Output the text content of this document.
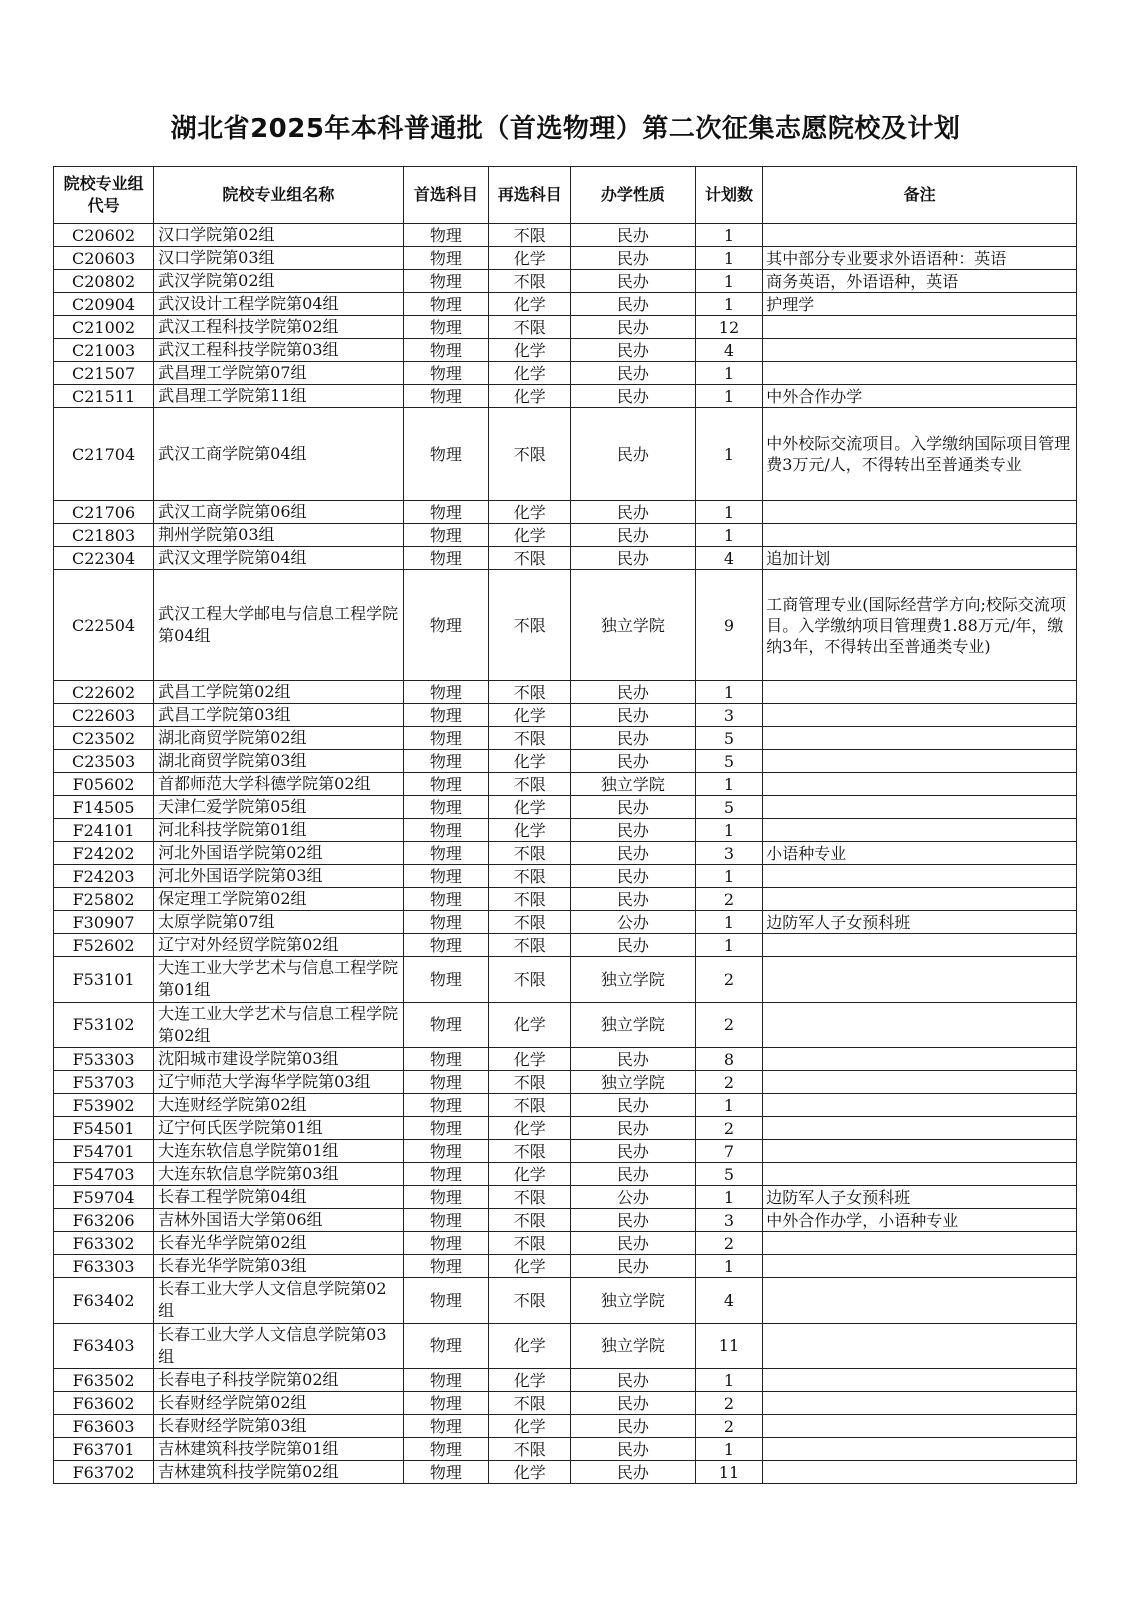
湖北省2025年本科普通批（首选物理）第二次征集志愿院校及计划
院校专业组代号	院校专业组名称	首选科目	再选科目	办学性质	计划数	备注
C20602	汉口学院第02组	物理	不限	民办	1	
C20603	汉口学院第03组	物理	化学	民办	1	其中部分专业要求外语语种：英语
C20802	武汉学院第02组	物理	不限	民办	1	商务英语，外语语种，英语
C20904	武汉设计工程学院第04组	物理	化学	民办	1	护理学
C21002	武汉工程科技学院第02组	物理	不限	民办	12	
C21003	武汉工程科技学院第03组	物理	化学	民办	4	
C21507	武昌理工学院第07组	物理	化学	民办	1	
C21511	武昌理工学院第11组	物理	化学	民办	1	中外合作办学
C21704	武汉工商学院第04组	物理	不限	民办	1	中外校际交流项目。入学缴纳国际项目管理费3万元/人，不得转出至普通类专业
C21706	武汉工商学院第06组	物理	化学	民办	1	
C21803	荆州学院第03组	物理	化学	民办	1	
C22304	武汉文理学院第04组	物理	不限	民办	4	追加计划
C22504	武汉工程大学邮电与信息工程学院第04组	物理	不限	独立学院	9	工商管理专业(国际经营学方向;校际交流项目。入学缴纳项目管理费1.88万元/年，缴纳3年，不得转出至普通类专业)
C22602	武昌工学院第02组	物理	不限	民办	1	
C22603	武昌工学院第03组	物理	化学	民办	3	
C23502	湖北商贸学院第02组	物理	不限	民办	5	
C23503	湖北商贸学院第03组	物理	化学	民办	5	
F05602	首都师范大学科德学院第02组	物理	不限	独立学院	1	
F14505	天津仁爱学院第05组	物理	化学	民办	5	
F24101	河北科技学院第01组	物理	化学	民办	1	
F24202	河北外国语学院第02组	物理	不限	民办	3	小语种专业
F24203	河北外国语学院第03组	物理	不限	民办	1	
F25802	保定理工学院第02组	物理	不限	民办	2	
F30907	太原学院第07组	物理	不限	公办	1	边防军人子女预科班
F52602	辽宁对外经贸学院第02组	物理	不限	民办	1	
F53101	大连工业大学艺术与信息工程学院第01组	物理	不限	独立学院	2	
F53102	大连工业大学艺术与信息工程学院第02组	物理	化学	独立学院	2	
F53303	沈阳城市建设学院第03组	物理	化学	民办	8	
F53703	辽宁师范大学海华学院第03组	物理	不限	独立学院	2	
F53902	大连财经学院第02组	物理	不限	民办	1	
F54501	辽宁何氏医学院第01组	物理	化学	民办	2	
F54701	大连东软信息学院第01组	物理	不限	民办	7	
F54703	大连东软信息学院第03组	物理	化学	民办	5	
F59704	长春工程学院第04组	物理	不限	公办	1	边防军人子女预科班
F63206	吉林外国语大学第06组	物理	不限	民办	3	中外合作办学，小语种专业
F63302	长春光华学院第02组	物理	不限	民办	2	
F63303	长春光华学院第03组	物理	化学	民办	1	
F63402	长春工业大学人文信息学院第02组	物理	不限	独立学院	4	
F63403	长春工业大学人文信息学院第03组	物理	化学	独立学院	11	
F63502	长春电子科技学院第02组	物理	化学	民办	1	
F63602	长春财经学院第02组	物理	不限	民办	2	
F63603	长春财经学院第03组	物理	化学	民办	2	
F63701	吉林建筑科技学院第01组	物理	不限	民办	1	
F63702	吉林建筑科技学院第02组	物理	化学	民办	11	
